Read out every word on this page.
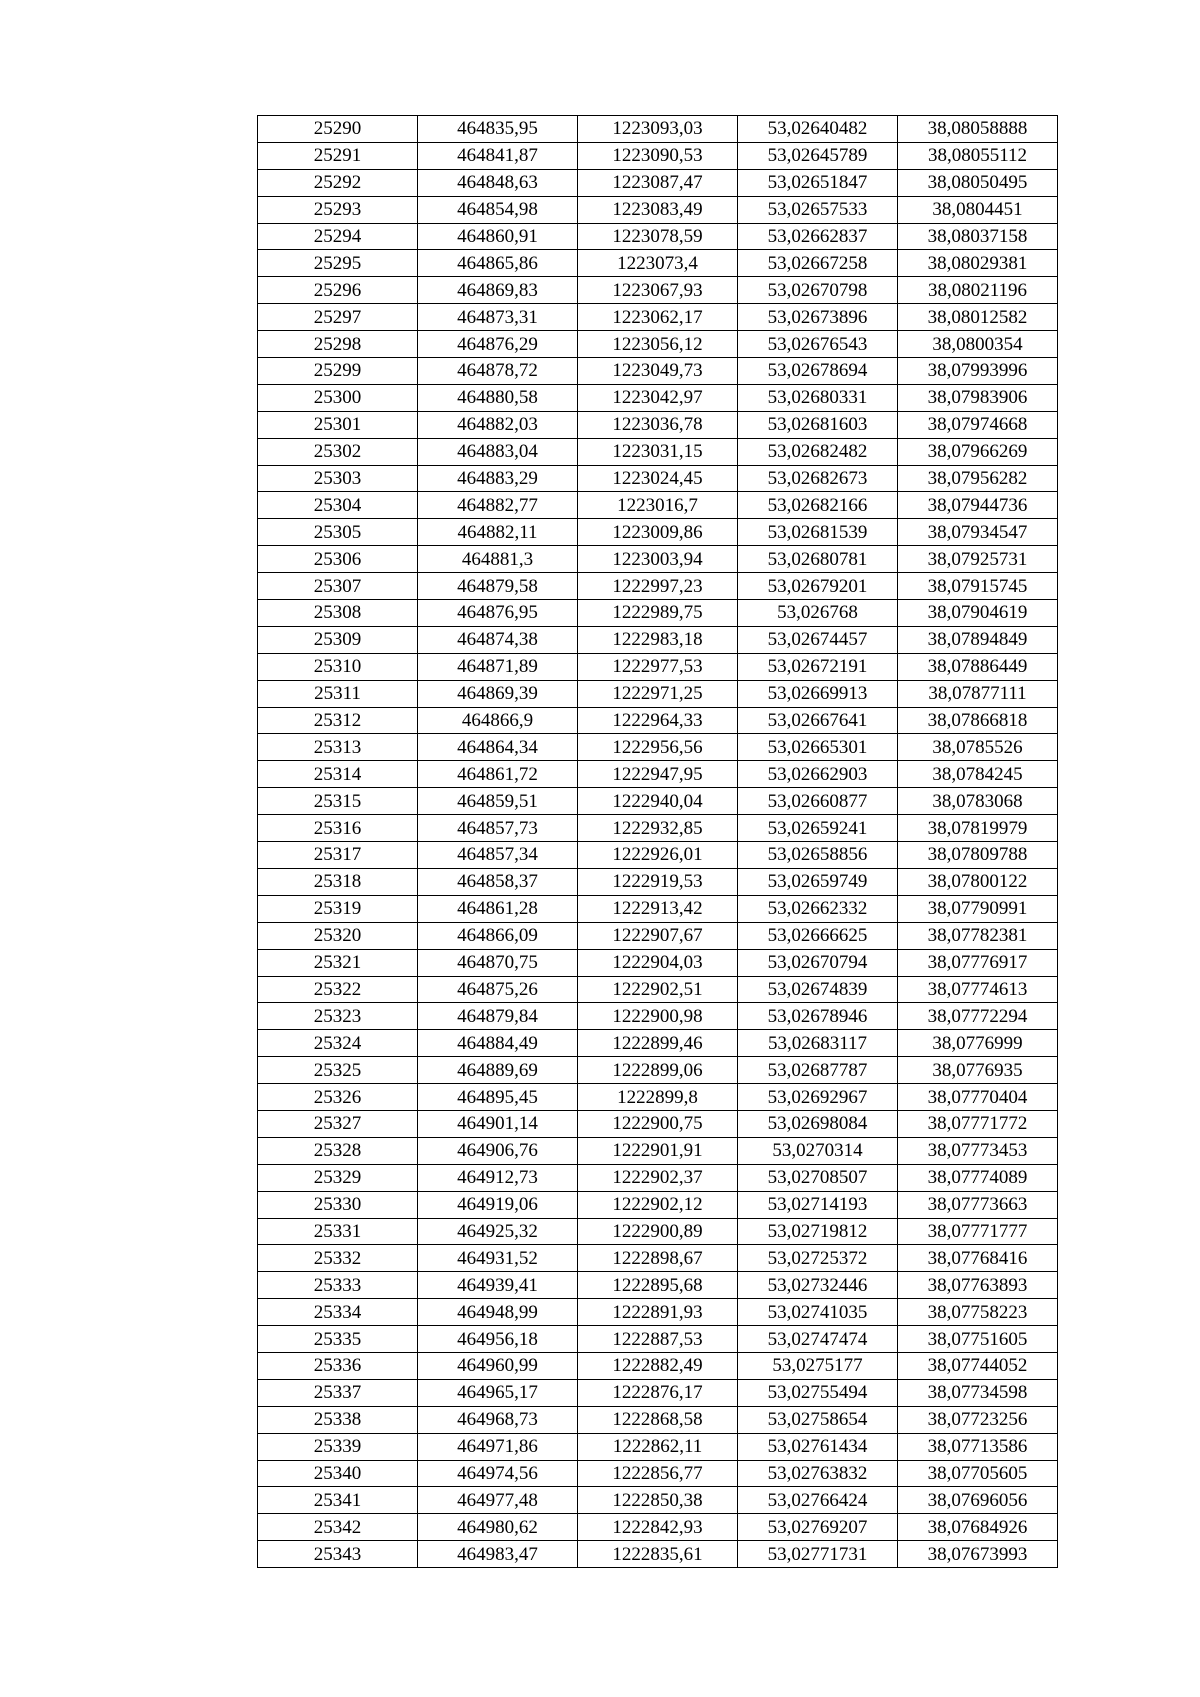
25290	464835,95	1223093,03	53,02640482	38,08058888
25291	464841,87	1223090,53	53,02645789	38,08055112
25292	464848,63	1223087,47	53,02651847	38,08050495
25293	464854,98	1223083,49	53,02657533	38,0804451
25294	464860,91	1223078,59	53,02662837	38,08037158
25295	464865,86	1223073,4	53,02667258	38,08029381
25296	464869,83	1223067,93	53,02670798	38,08021196
25297	464873,31	1223062,17	53,02673896	38,08012582
25298	464876,29	1223056,12	53,02676543	38,0800354
25299	464878,72	1223049,73	53,02678694	38,07993996
25300	464880,58	1223042,97	53,02680331	38,07983906
25301	464882,03	1223036,78	53,02681603	38,07974668
25302	464883,04	1223031,15	53,02682482	38,07966269
25303	464883,29	1223024,45	53,02682673	38,07956282
25304	464882,77	1223016,7	53,02682166	38,07944736
25305	464882,11	1223009,86	53,02681539	38,07934547
25306	464881,3	1223003,94	53,02680781	38,07925731
25307	464879,58	1222997,23	53,02679201	38,07915745
25308	464876,95	1222989,75	53,026768	38,07904619
25309	464874,38	1222983,18	53,02674457	38,07894849
25310	464871,89	1222977,53	53,02672191	38,07886449
25311	464869,39	1222971,25	53,02669913	38,07877111
25312	464866,9	1222964,33	53,02667641	38,07866818
25313	464864,34	1222956,56	53,02665301	38,0785526
25314	464861,72	1222947,95	53,02662903	38,0784245
25315	464859,51	1222940,04	53,02660877	38,0783068
25316	464857,73	1222932,85	53,02659241	38,07819979
25317	464857,34	1222926,01	53,02658856	38,07809788
25318	464858,37	1222919,53	53,02659749	38,07800122
25319	464861,28	1222913,42	53,02662332	38,07790991
25320	464866,09	1222907,67	53,02666625	38,07782381
25321	464870,75	1222904,03	53,02670794	38,07776917
25322	464875,26	1222902,51	53,02674839	38,07774613
25323	464879,84	1222900,98	53,02678946	38,07772294
25324	464884,49	1222899,46	53,02683117	38,0776999
25325	464889,69	1222899,06	53,02687787	38,0776935
25326	464895,45	1222899,8	53,02692967	38,07770404
25327	464901,14	1222900,75	53,02698084	38,07771772
25328	464906,76	1222901,91	53,0270314	38,07773453
25329	464912,73	1222902,37	53,02708507	38,07774089
25330	464919,06	1222902,12	53,02714193	38,07773663
25331	464925,32	1222900,89	53,02719812	38,07771777
25332	464931,52	1222898,67	53,02725372	38,07768416
25333	464939,41	1222895,68	53,02732446	38,07763893
25334	464948,99	1222891,93	53,02741035	38,07758223
25335	464956,18	1222887,53	53,02747474	38,07751605
25336	464960,99	1222882,49	53,0275177	38,07744052
25337	464965,17	1222876,17	53,02755494	38,07734598
25338	464968,73	1222868,58	53,02758654	38,07723256
25339	464971,86	1222862,11	53,02761434	38,07713586
25340	464974,56	1222856,77	53,02763832	38,07705605
25341	464977,48	1222850,38	53,02766424	38,07696056
25342	464980,62	1222842,93	53,02769207	38,07684926
25343	464983,47	1222835,61	53,02771731	38,07673993
